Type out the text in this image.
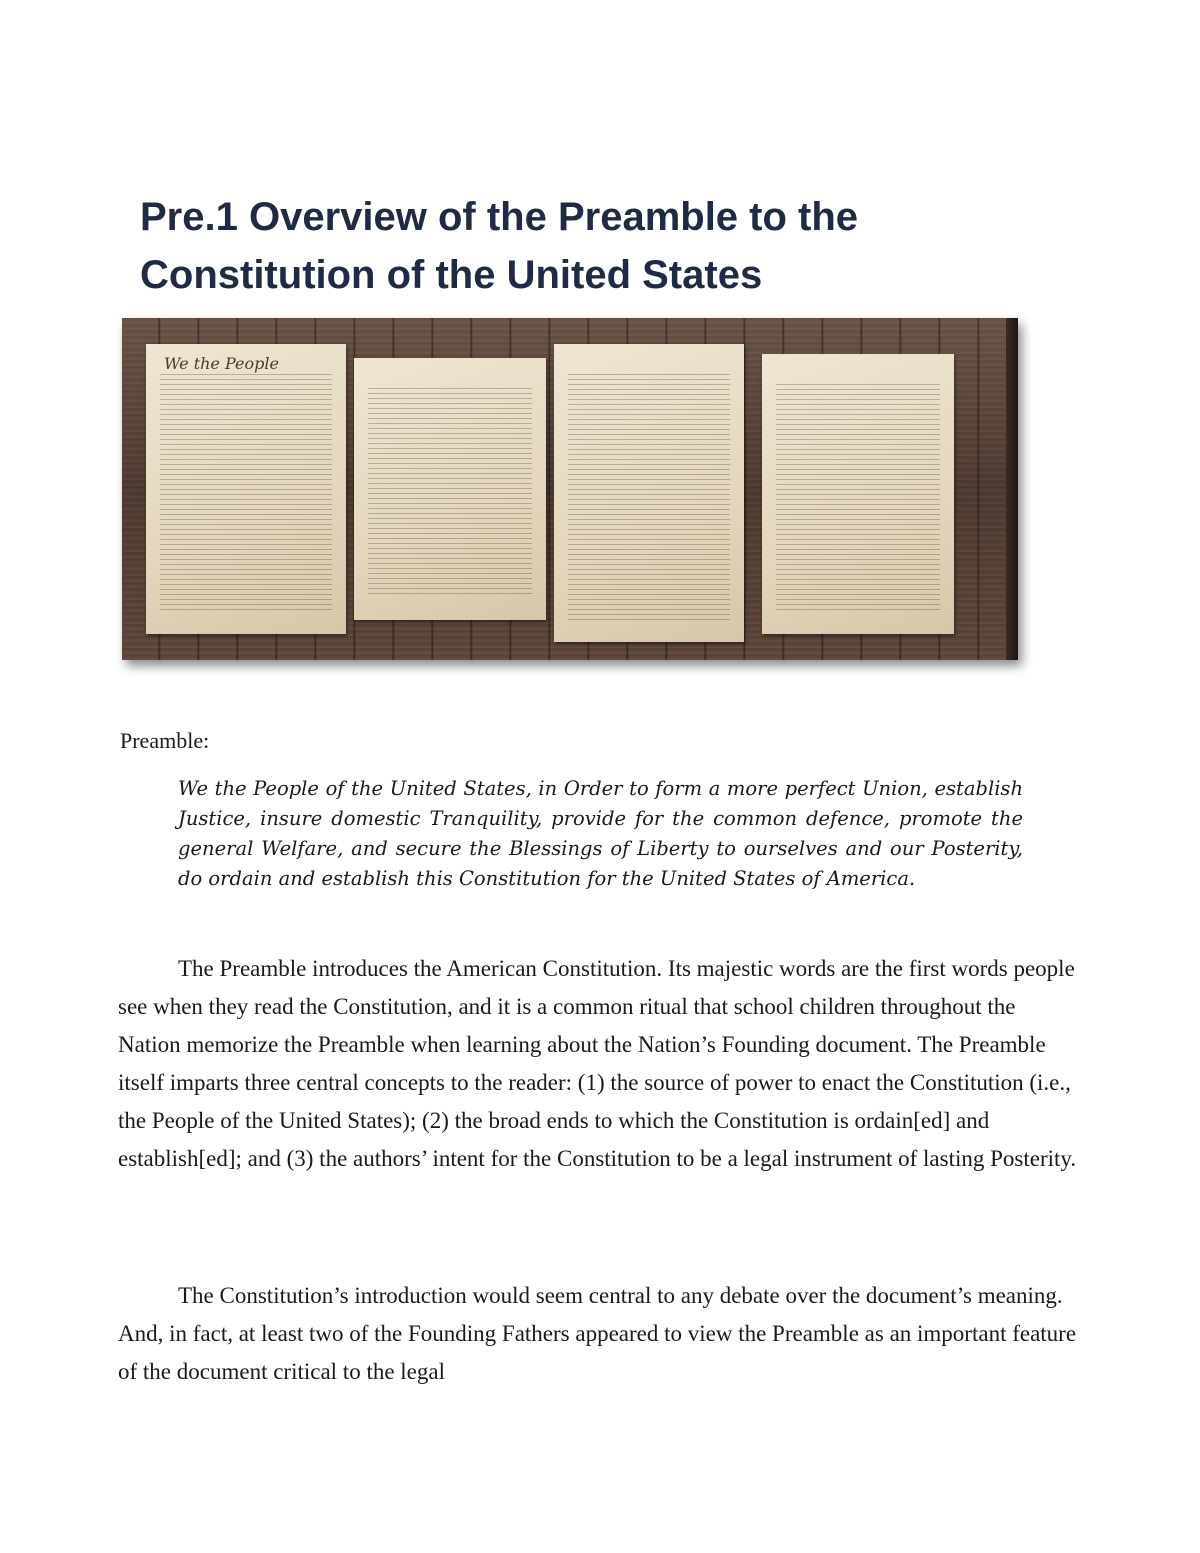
Pre.1 Overview of the Preamble to the Constitution of the United States
We the People
Preamble:

We the People of the United States, in Order to form a more perfect Union, establish Justice, insure domestic Tranquility, provide for the common defence, promote the general Welfare, and secure the Blessings of Liberty to ourselves and our Posterity, do ordain and establish this Constitution for the United States of America.

The Preamble introduces the American Constitution. Its majestic words are the first words people see when they read the Constitution, and it is a common ritual that school children throughout the Nation memorize the Preamble when learning about the Nation’s Founding document. The Preamble itself imparts three central concepts to the reader: (1) the source of power to enact the Constitution (i.e., the People of the United States); (2) the broad ends to which the Constitution is ordain[ed] and establish[ed]; and (3) the authors’ intent for the Constitution to be a legal instrument of lasting Posterity.

The Constitution’s introduction would seem central to any debate over the document’s meaning. And, in fact, at least two of the Founding Fathers appeared to view the Preamble as an important feature of the document critical to the legal
